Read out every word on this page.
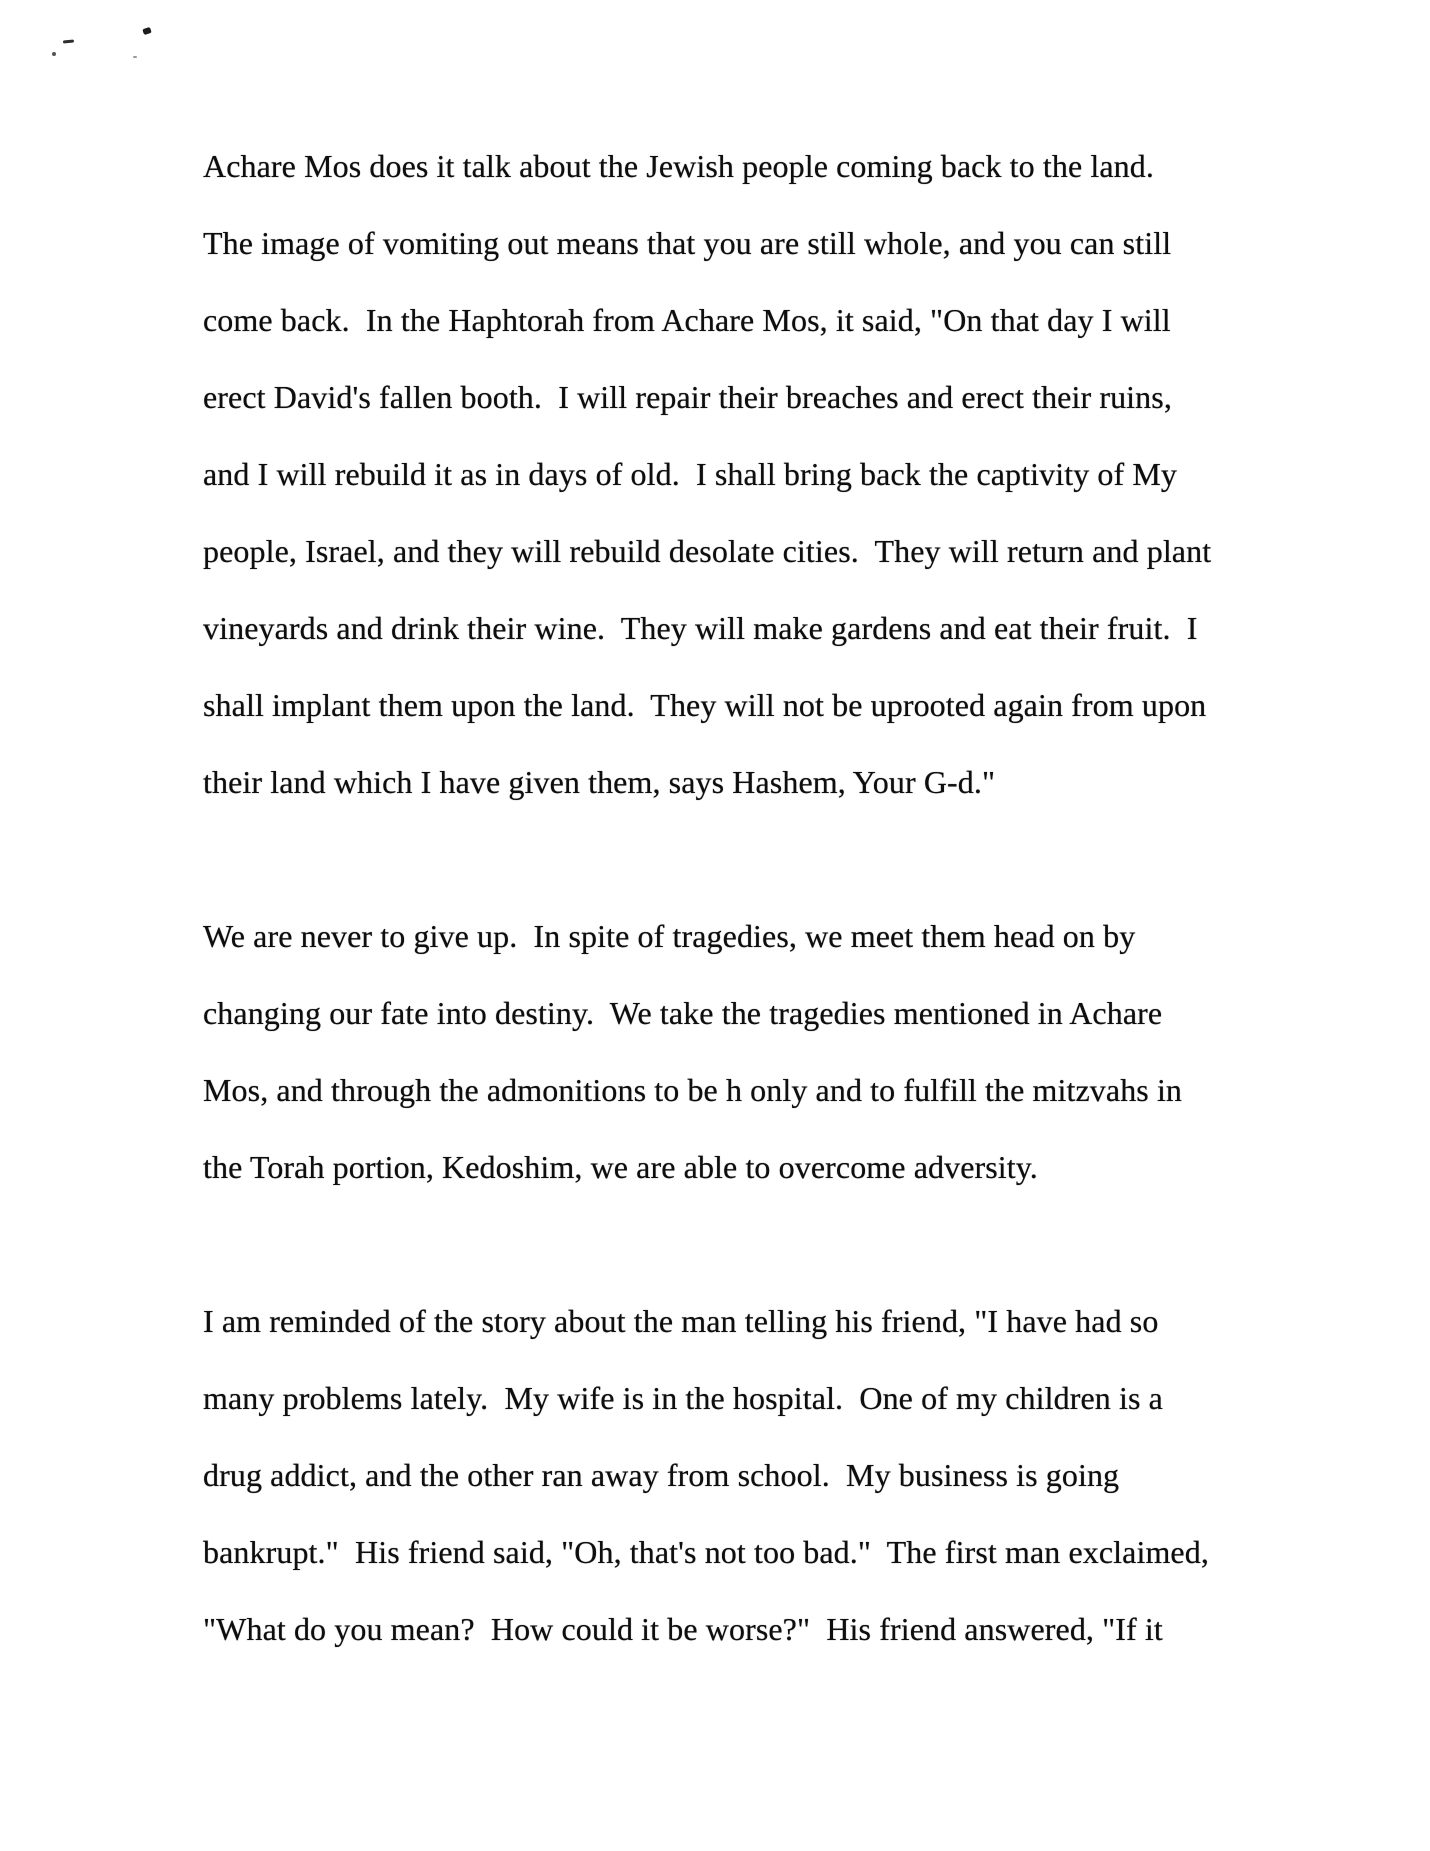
Achare Mos does it talk about the Jewish people coming back to the land.
The image of vomiting out means that you are still whole, and you can still
come back.  In the Haphtorah from Achare Mos, it said, "On that day I will
erect David's fallen booth.  I will repair their breaches and erect their ruins,
and I will rebuild it as in days of old.  I shall bring back the captivity of My
people, Israel, and they will rebuild desolate cities.  They will return and plant
vineyards and drink their wine.  They will make gardens and eat their fruit.  I
shall implant them upon the land.  They will not be uprooted again from upon
their land which I have given them, says Hashem, Your G-d."
We are never to give up.  In spite of tragedies, we meet them head on by
changing our fate into destiny.  We take the tragedies mentioned in Achare
Mos, and through the admonitions to be h only and to fulfill the mitzvahs in
the Torah portion, Kedoshim, we are able to overcome adversity.
I am reminded of the story about the man telling his friend, "I have had so
many problems lately.  My wife is in the hospital.  One of my children is a
drug addict, and the other ran away from school.  My business is going
bankrupt."  His friend said, "Oh, that's not too bad."  The first man exclaimed,
"What do you mean?  How could it be worse?"  His friend answered, "If it
